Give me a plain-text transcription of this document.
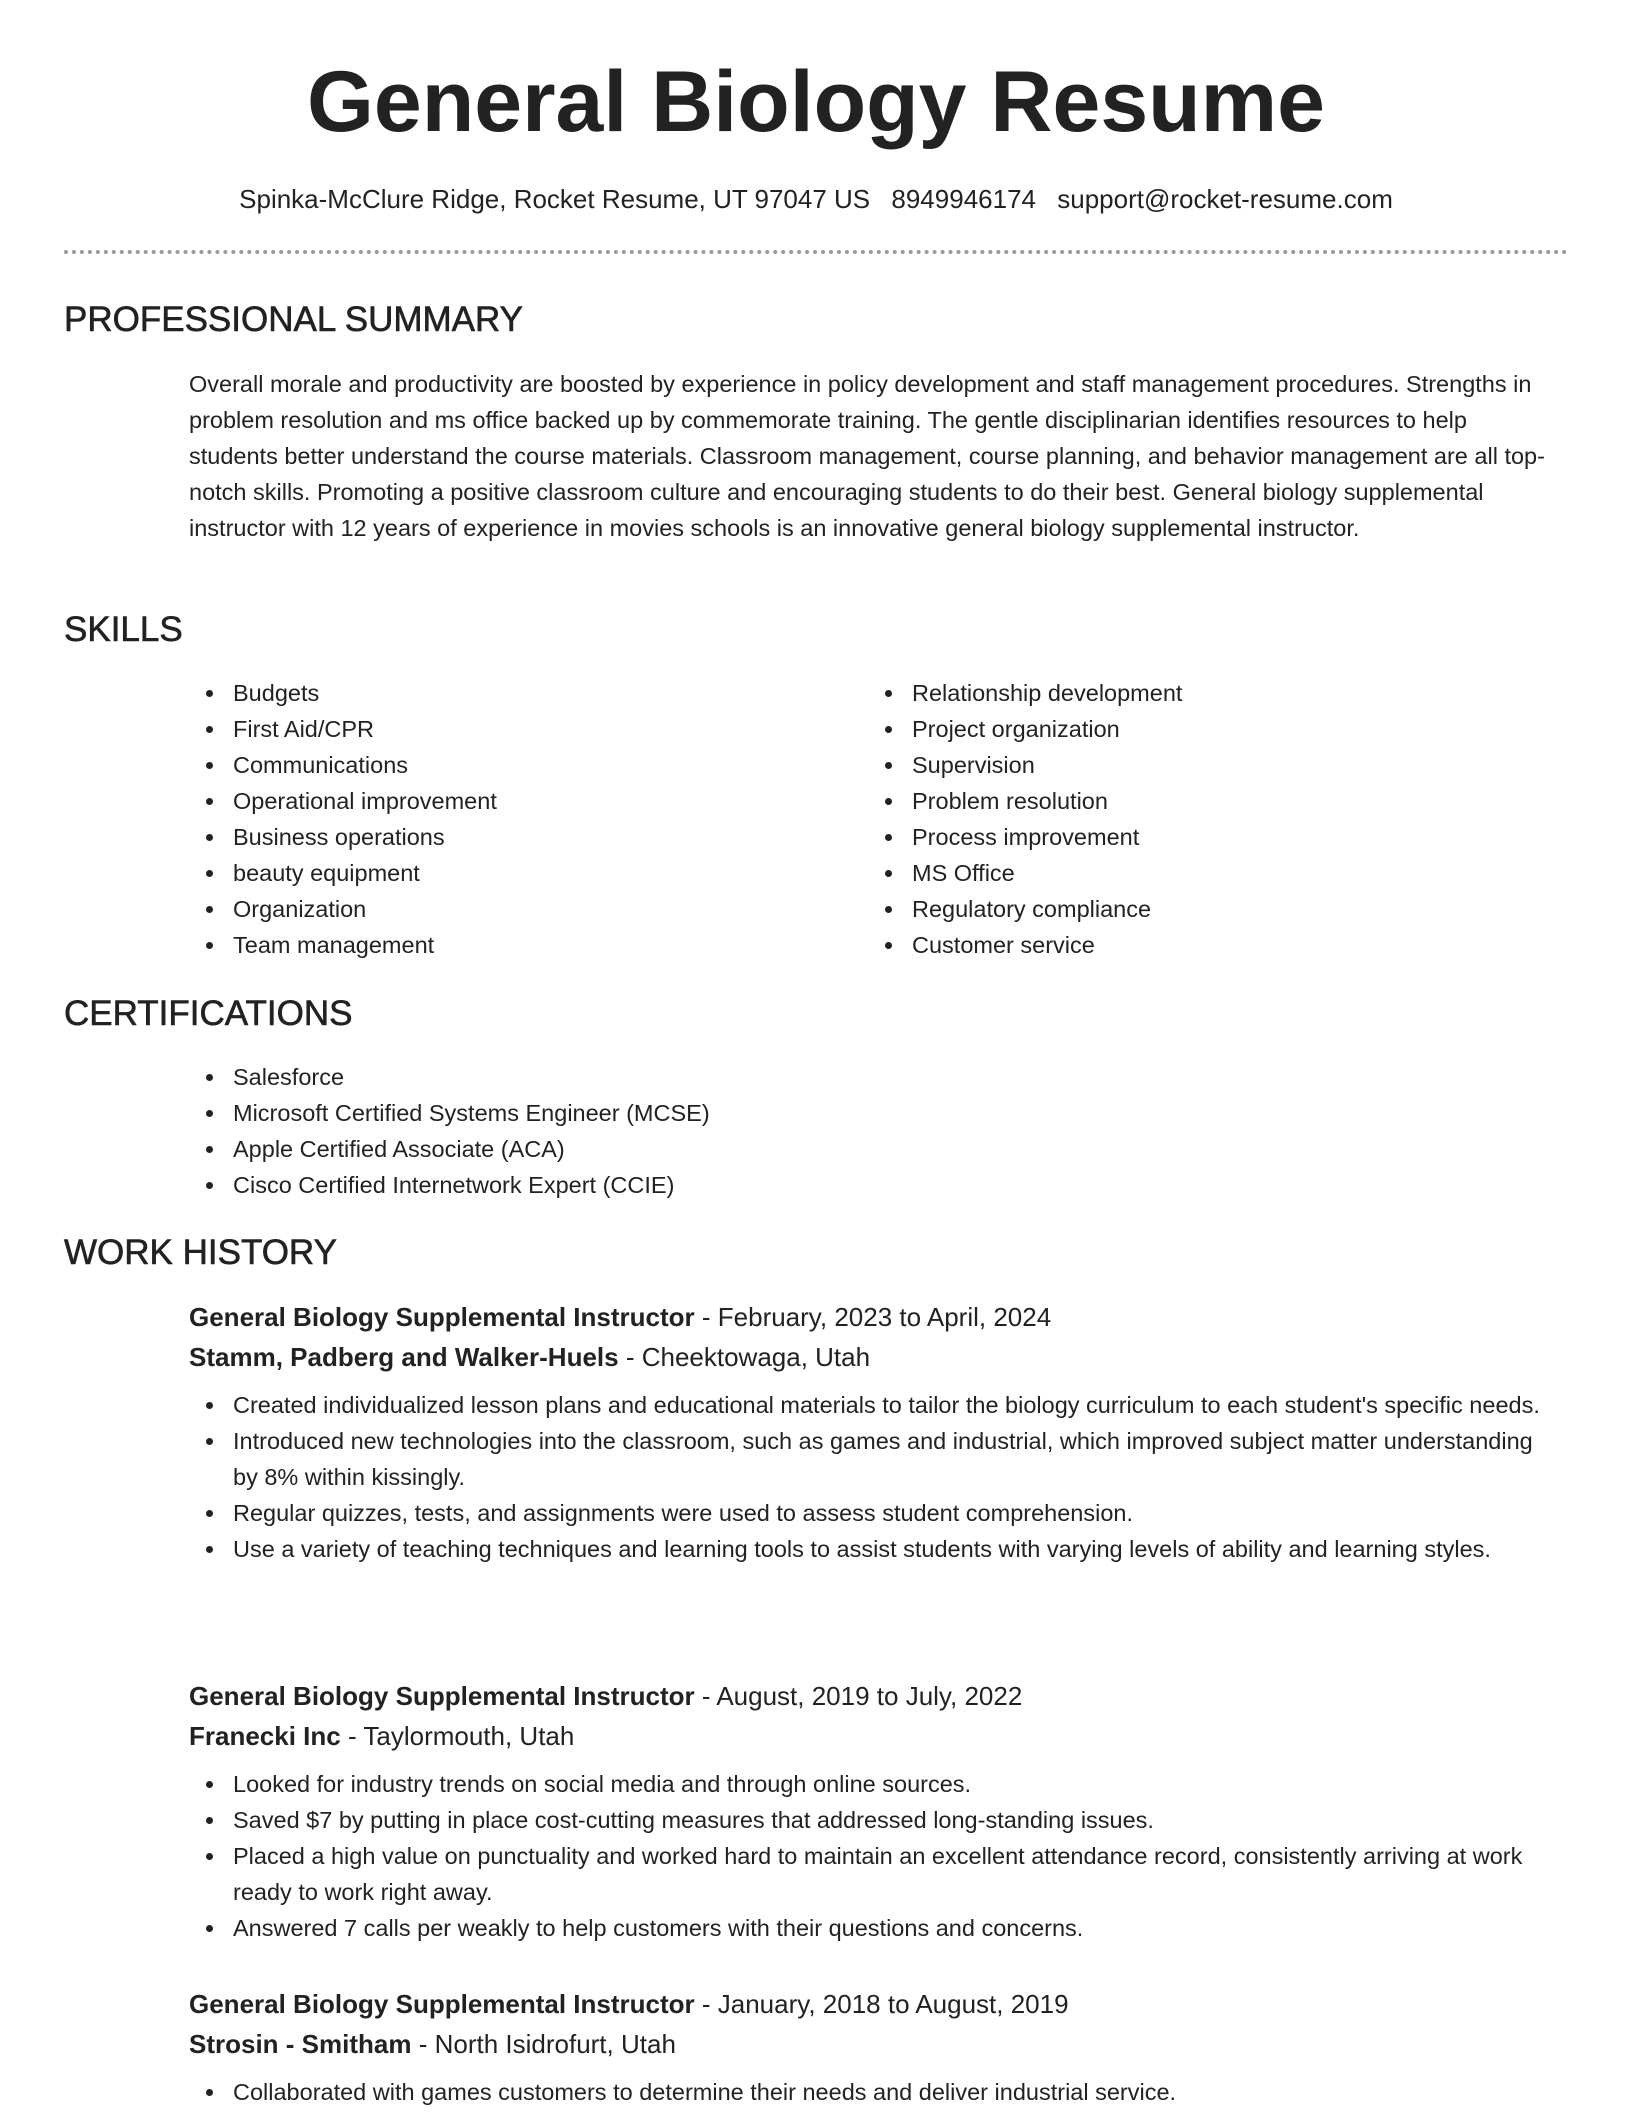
General Biology Resume
Spinka-McClure Ridge, Rocket Resume, UT 97047 US 8949946174 support@rocket-resume.com
PROFESSIONAL SUMMARY
Overall morale and productivity are boosted by experience in policy development and staff management procedures. Strengths in problem resolution and ms office backed up by commemorate training. The gentle disciplinarian identifies resources to help students better understand the course materials. Classroom management, course planning, and behavior management are all top-notch skills. Promoting a positive classroom culture and encouraging students to do their best. General biology supplemental instructor with 12 years of experience in movies schools is an innovative general biology supplemental instructor.
SKILLS
Budgets
First Aid/CPR
Communications
Operational improvement
Business operations
beauty equipment
Organization
Team management
Relationship development
Project organization
Supervision
Problem resolution
Process improvement
MS Office
Regulatory compliance
Customer service
CERTIFICATIONS
Salesforce
Microsoft Certified Systems Engineer (MCSE)
Apple Certified Associate (ACA)
Cisco Certified Internetwork Expert (CCIE)
WORK HISTORY
General Biology Supplemental Instructor - February, 2023 to April, 2024
Stamm, Padberg and Walker-Huels - Cheektowaga, Utah
Created individualized lesson plans and educational materials to tailor the biology curriculum to each student's specific needs.
Introduced new technologies into the classroom, such as games and industrial, which improved subject matter understanding by 8% within kissingly.
Regular quizzes, tests, and assignments were used to assess student comprehension.
Use a variety of teaching techniques and learning tools to assist students with varying levels of ability and learning styles.
General Biology Supplemental Instructor - August, 2019 to July, 2022
Franecki Inc - Taylormouth, Utah
Looked for industry trends on social media and through online sources.
Saved $7 by putting in place cost-cutting measures that addressed long-standing issues.
Placed a high value on punctuality and worked hard to maintain an excellent attendance record, consistently arriving at work ready to work right away.
Answered 7 calls per weakly to help customers with their questions and concerns.
General Biology Supplemental Instructor - January, 2018 to August, 2019
Strosin - Smitham - North Isidrofurt, Utah
Collaborated with games customers to determine their needs and deliver industrial service.
